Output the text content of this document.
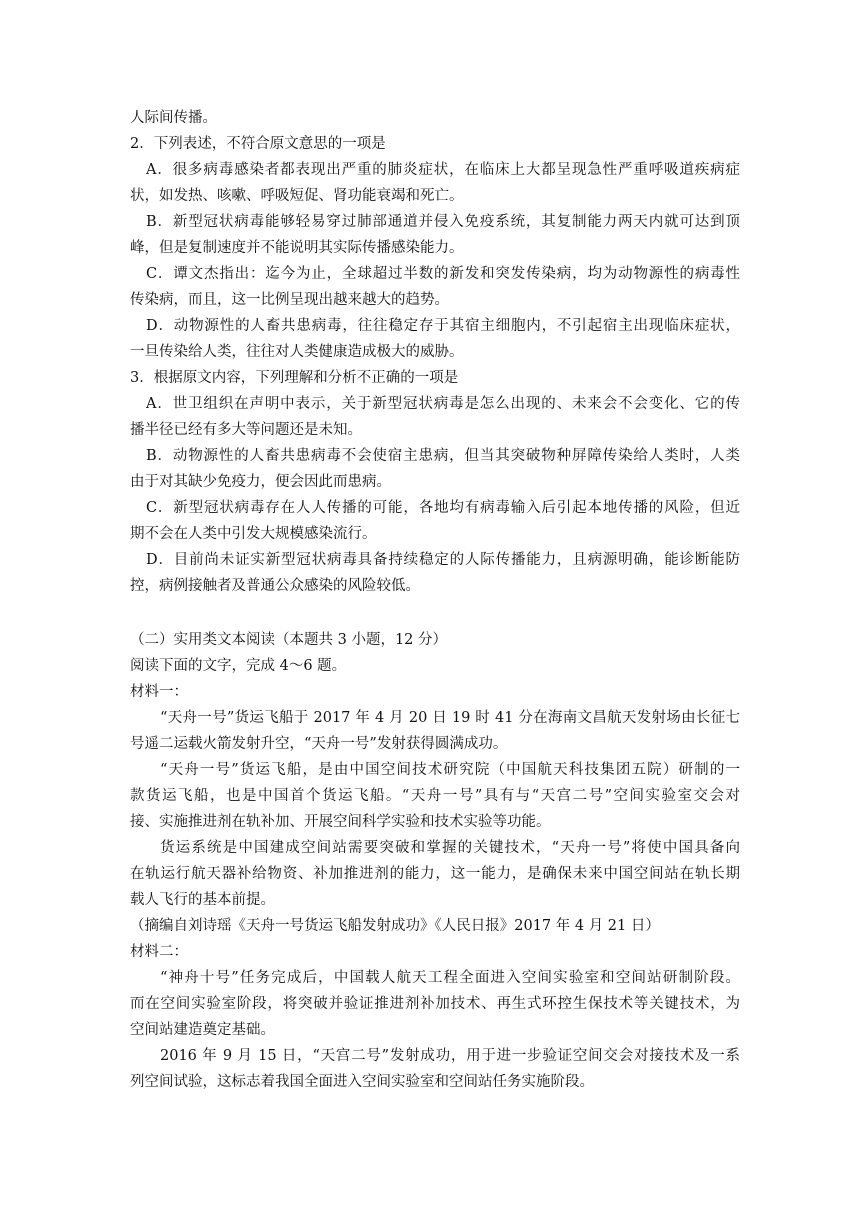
人际间传播。
2．下列表述，不符合原文意思的一项是
A．很多病毒感染者都表现出严重的肺炎症状，在临床上大都呈现急性严重呼吸道疾病症
状，如发热、咳嗽、呼吸短促、肾功能衰竭和死亡。
B．新型冠状病毒能够轻易穿过肺部通道并侵入免疫系统，其复制能力两天内就可达到顶
峰，但是复制速度并不能说明其实际传播感染能力。
C．谭文杰指出：迄今为止，全球超过半数的新发和突发传染病，均为动物源性的病毒性
传染病，而且，这一比例呈现出越来越大的趋势。
D．动物源性的人畜共患病毒，往往稳定存于其宿主细胞内，不引起宿主出现临床症状，
一旦传染给人类，往往对人类健康造成极大的威胁。
3．根据原文内容，下列理解和分析不正确的一项是
A．世卫组织在声明中表示，关于新型冠状病毒是怎么出现的、未来会不会变化、它的传
播半径已经有多大等问题还是未知。
B．动物源性的人畜共患病毒不会使宿主患病，但当其突破物种屏障传染给人类时，人类
由于对其缺少免疫力，便会因此而患病。
C．新型冠状病毒存在人人传播的可能，各地均有病毒输入后引起本地传播的风险，但近
期不会在人类中引发大规模感染流行。
D．目前尚未证实新型冠状病毒具备持续稳定的人际传播能力，且病源明确，能诊断能防
控，病例接触者及普通公众感染的风险较低。
（二）实用类文本阅读（本题共 3 小题，12 分）
阅读下面的文字，完成 4～6 题。
材料一：
“天舟一号”货运飞船于 2017 年 4 月 20 日 19 时 41 分在海南文昌航天发射场由长征七
号遥二运载火箭发射升空，“天舟一号”发射获得圆满成功。
“天舟一号”货运飞船，是由中国空间技术研究院（中国航天科技集团五院）研制的一
款货运飞船，也是中国首个货运飞船。“天舟一号”具有与“天宫二号”空间实验室交会对
接、实施推进剂在轨补加、开展空间科学实验和技术实验等功能。
货运系统是中国建成空间站需要突破和掌握的关键技术，“天舟一号”将使中国具备向
在轨运行航天器补给物资、补加推进剂的能力，这一能力，是确保未来中国空间站在轨长期
载人飞行的基本前提。
（摘编自刘诗瑶《天舟一号货运飞船发射成功》《人民日报》2017 年 4 月 21 日）
材料二：
“神舟十号”任务完成后，中国载人航天工程全面进入空间实验室和空间站研制阶段。
而在空间实验室阶段，将突破并验证推进剂补加技术、再生式环控生保技术等关键技术，为
空间站建造奠定基础。
2016 年 9 月 15 日，“天宫二号”发射成功，用于进一步验证空间交会对接技术及一系
列空间试验，这标志着我国全面进入空间实验室和空间站任务实施阶段。
